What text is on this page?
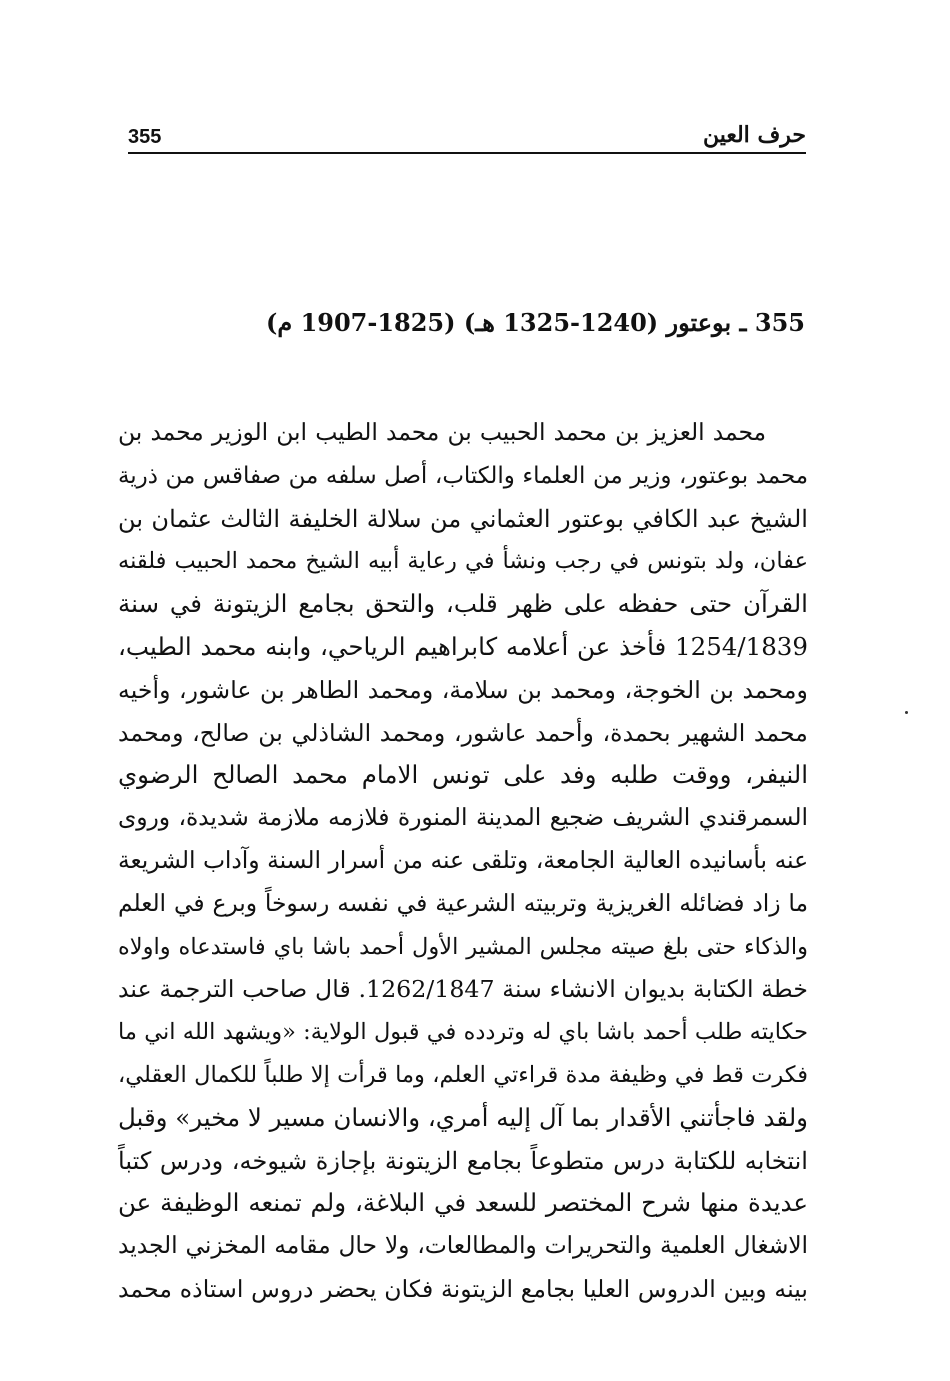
355	حرف العين
355 ـ بوعتور (1240-1325 هـ) (1825-1907 م)
محمد العزيز بن محمد الحبيب بن محمد الطيب ابن الوزير محمد بن
محمد بوعتور، وزير من العلماء والكتاب، أصل سلفه من صفاقس من ذرية
الشيخ عبد الكافي بوعتور العثماني من سلالة الخليفة الثالث عثمان بن
عفان، ولد بتونس في رجب ونشأ في رعاية أبيه الشيخ محمد الحبيب فلقنه
القرآن حتى حفظه على ظهر قلب، والتحق بجامع الزيتونة في سنة
1254/1839 فأخذ عن أعلامه كابراهيم الرياحي، وابنه محمد الطيب،
ومحمد بن الخوجة، ومحمد بن سلامة، ومحمد الطاهر بن عاشور، وأخيه
محمد الشهير بحمدة، وأحمد عاشور، ومحمد الشاذلي بن صالح، ومحمد
النيفر، ووقت طلبه وفد على تونس الامام محمد الصالح الرضوي
السمرقندي الشريف ضجيع المدينة المنورة فلازمه ملازمة شديدة، وروى
عنه بأسانيده العالية الجامعة، وتلقى عنه من أسرار السنة وآداب الشريعة
ما زاد فضائله الغريزية وتربيته الشرعية في نفسه رسوخاً وبرع في العلم
والذكاء حتى بلغ صيته مجلس المشير الأول أحمد باشا باي فاستدعاه واولاه
خطة الكتابة بديوان الانشاء سنة 1262/1847. قال صاحب الترجمة عند
حكايته طلب أحمد باشا باي له وتردده في قبول الولاية: «ويشهد الله اني ما
فكرت قط في وظيفة مدة قراءتي العلم، وما قرأت إلا طلباً للكمال العقلي،
ولقد فاجأتني الأقدار بما آل إليه أمري، والانسان مسير لا مخير» وقبل
انتخابه للكتابة درس متطوعاً بجامع الزيتونة بإجازة شيوخه، ودرس كتباً
عديدة منها شرح المختصر للسعد في البلاغة، ولم تمنعه الوظيفة عن
الاشغال العلمية والتحريرات والمطالعات، ولا حال مقامه المخزني الجديد
بينه وبين الدروس العليا بجامع الزيتونة فكان يحضر دروس استاذه محمد
